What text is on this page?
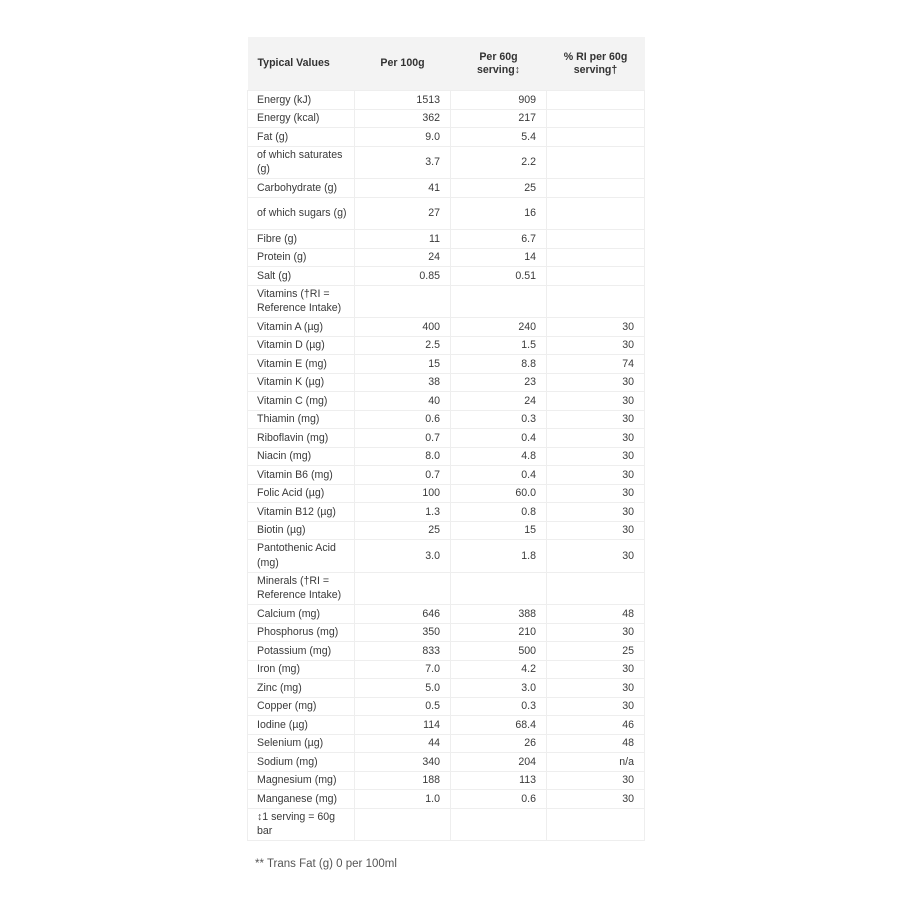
Typical Values	Per 100g	Per 60g serving↕	% RI per 60g serving†
Energy (kJ)	1513	909	
Energy (kcal)	362	217	
Fat (g)	9.0	5.4	
of which saturates (g)	3.7	2.2	
Carbohydrate (g)	41	25	
of which sugars (g)	27	16	
Fibre (g)	11	6.7	
Protein (g)	24	14	
Salt (g)	0.85	0.51	
Vitamins (†RI = Reference Intake)			
Vitamin A (µg)	400	240	30
Vitamin D (µg)	2.5	1.5	30
Vitamin E (mg)	15	8.8	74
Vitamin K (µg)	38	23	30
Vitamin C (mg)	40	24	30
Thiamin (mg)	0.6	0.3	30
Riboflavin (mg)	0.7	0.4	30
Niacin (mg)	8.0	4.8	30
Vitamin B6 (mg)	0.7	0.4	30
Folic Acid (µg)	100	60.0	30
Vitamin B12 (µg)	1.3	0.8	30
Biotin (µg)	25	15	30
Pantothenic Acid (mg)	3.0	1.8	30
Minerals (†RI = Reference Intake)			
Calcium (mg)	646	388	48
Phosphorus (mg)	350	210	30
Potassium (mg)	833	500	25
Iron (mg)	7.0	4.2	30
Zinc (mg)	5.0	3.0	30
Copper (mg)	0.5	0.3	30
Iodine (µg)	114	68.4	46
Selenium (µg)	44	26	48
Sodium (mg)	340	204	n/a
Magnesium (mg)	188	113	30
Manganese (mg)	1.0	0.6	30
↕1 serving = 60g bar			
** Trans Fat (g) 0 per 100ml
